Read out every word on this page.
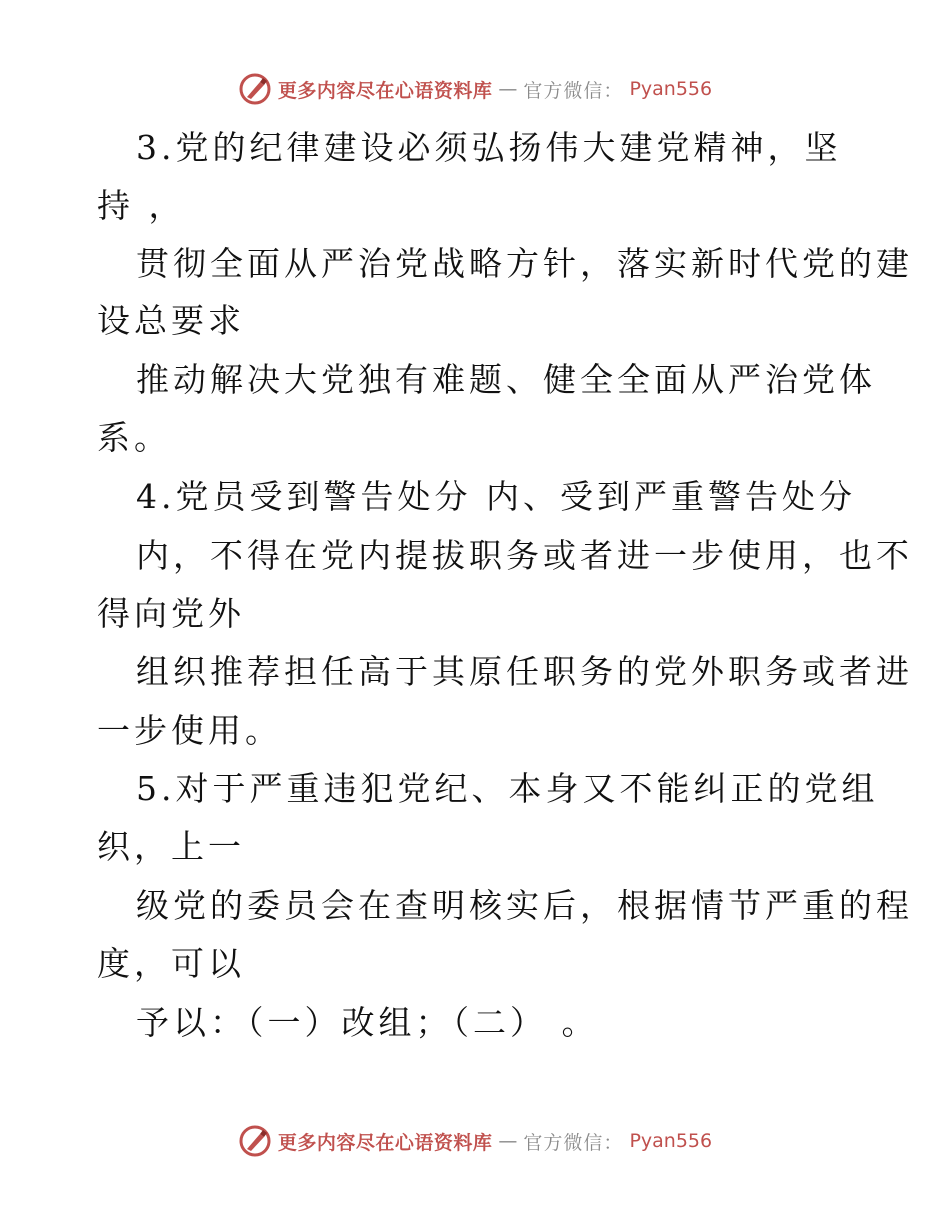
更多内容尽在心语资料库 — 官方微信： Pyan556
3.党的纪律建设必须弘扬伟大建党精神，坚
持 ，
贯彻全面从严治党战略方针，落实新时代党的建
设总要求
推动解决大党独有难题、健全全面从严治党体
系。
4.党员受到警告处分 内、受到严重警告处分
内，不得在党内提拔职务或者进一步使用，也不
得向党外
组织推荐担任高于其原任职务的党外职务或者进
一步使用。
5.对于严重违犯党纪、本身又不能纠正的党组
织，上一
级党的委员会在查明核实后，根据情节严重的程
度，可以
予以：（一）改组；（二） 。
更多内容尽在心语资料库 — 官方微信： Pyan556
